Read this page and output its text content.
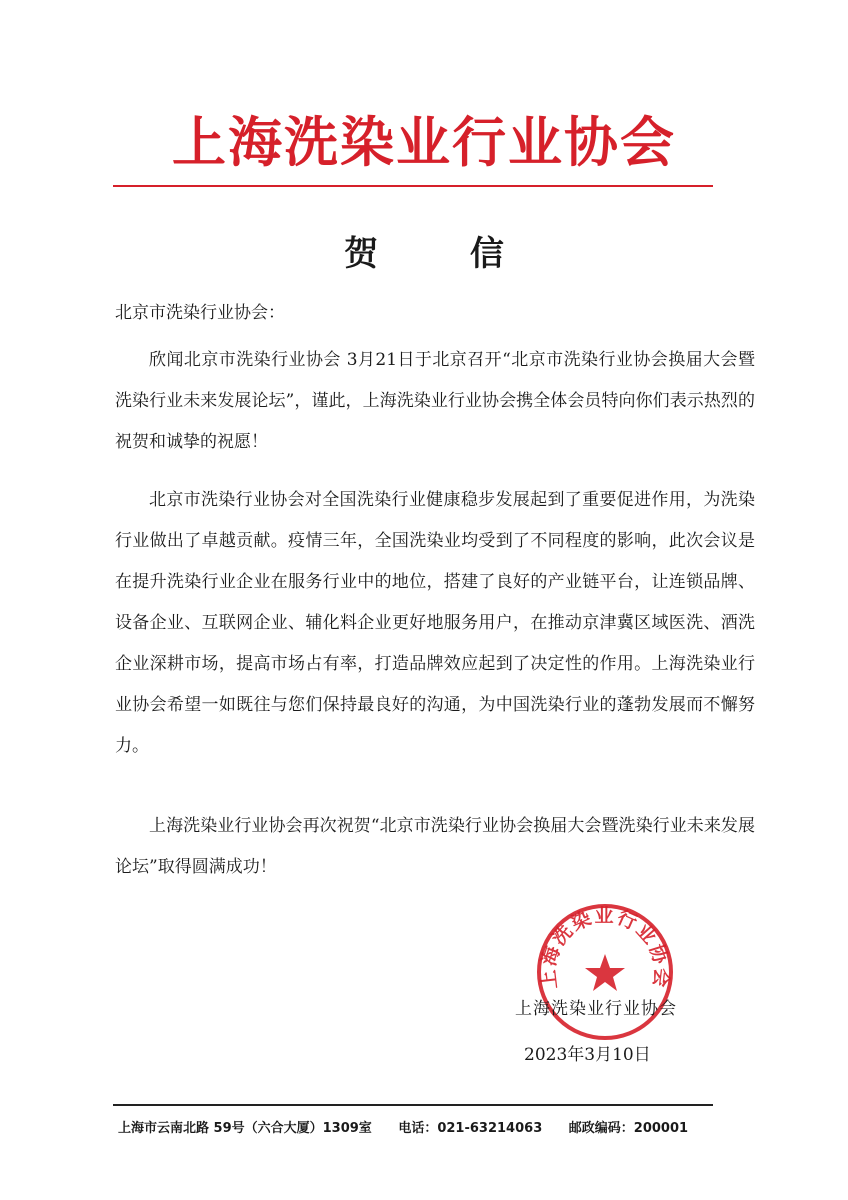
上海洗染业行业协会
贺 信
北京市洗染行业协会：

欣闻北京市洗染行业协会 3月21日于北京召开“北京市洗染行业协会换届大会暨洗染行业未来发展论坛”，谨此，上海洗染业行业协会携全体会员特向你们表示热烈的祝贺和诚挚的祝愿！

北京市洗染行业协会对全国洗染行业健康稳步发展起到了重要促进作用，为洗染行业做出了卓越贡献。疫情三年，全国洗染业均受到了不同程度的影响，此次会议是在提升洗染行业企业在服务行业中的地位，搭建了良好的产业链平台，让连锁品牌、设备企业、互联网企业、辅化料企业更好地服务用户，在推动京津冀区域医洗、酒洗企业深耕市场，提高市场占有率，打造品牌效应起到了决定性的作用。上海洗染业行业协会希望一如既往与您们保持最良好的沟通，为中国洗染行业的蓬勃发展而不懈努力。

上海洗染业行业协会再次祝贺“北京市洗染行业协会换届大会暨洗染行业未来发展论坛”取得圆满成功！

上海洗染业行业协会
上海洗染业行业协会
2023年3月10日
上海市云南北路 59号（六合大厦）1309室 电话：021-63214063 邮政编码：200001
